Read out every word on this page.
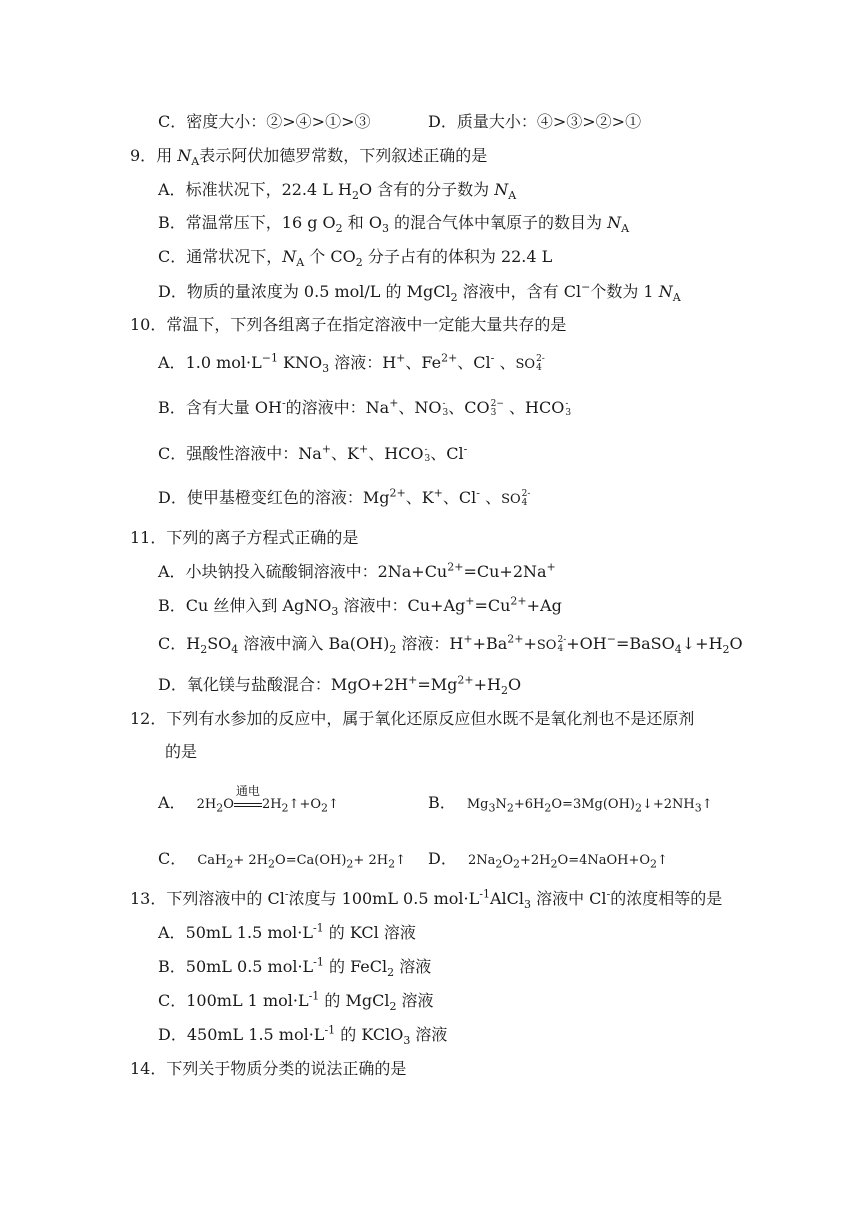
C．密度大小：②>④>①>③	D．质量大小：④>③>②>①
9．用 $N_A$表示阿伏加德罗常数，下列叙述正确的是
A．标准状况下，22.4 L $H_2O$ 含有的分子数为 $N_A$
B．常温常压下，16 g $O_2$ 和 $O_3$ 的混合气体中氧原子的数目为 $N_A$
C．通常状况下，$N_A$ 个 $CO_2$ 分子占有的体积为 22.4 L
D．物质的量浓度为 0.5 mol/L 的 MgCl$_2$ 溶液中，含有 Cl−个数为 1 $N_A$
10．常温下，下列各组离子在指定溶液中一定能大量共存的是
A．1.0 $mol\cdot L^{-1}$ $KNO_3$ 溶液：H+、$Fe^{2+}$、Cl- 、SO 2-
4
B．含有大量 OH-的溶液中：Na+、NO -
3 、CO 2−
3 、HCO -
3
C．强酸性溶液中：Na+、K+、HCO -
3 、Cl-
D．使甲基橙变红色的溶液：$Mg^{2+}$、K+、Cl- 、SO 2-
4
11．下列的离子方程式正确的是
A．小块钠投入硫酸铜溶液中：$2Na+Cu^{2+}=Cu+2Na^+$
B．Cu 丝伸入到 AgNO$_3$ 溶液中：$Cu+Ag^+=Cu^{2+}+Ag$
C．$H_2SO_4$ 溶液中滴入 $Ba(OH)_2$ 溶液：$H^++Ba^{2+}+SO$ 2-
$4 +OH^-=BaSO_4↓+H_2O$
D．氧化镁与盐酸混合：$MgO+2H^+=Mg^{2+}+H_2O$
12．下列有水参加的反应中，属于氧化还原反应但水既不是氧化剂也不是还原剂
的是
A． $2H_2O$
通电
$2H_2↑+O_2↑$	B． $Mg_3N_2+6H_2O=3Mg(OH)_2↓+2NH_3↑$
C． $CaH_2+ 2H_2O=Ca(OH)_2+$ $2H_2↑$ D． $2Na_2O_2+2H_2O=4NaOH+O_2↑$
13．下列溶液中的 Cl-浓度与 100mL 0.5 $mol\cdot L^{-1}AlCl_3$ 溶液中 Cl-的浓度相等的是
A．50mL 1.5 $mol\cdot L^{-1}$ 的 KCl 溶液
B．50mL 0.5 $mol\cdot L^{-1}$ 的 FeCl$_2$ 溶液
C．100mL 1 $mol\cdot L^{-1}$ 的 MgCl$_2$ 溶液
D．450mL 1.5 $mol\cdot L^{-1}$ 的 KClO$_3$ 溶液
14．下列关于物质分类的说法正确的是
